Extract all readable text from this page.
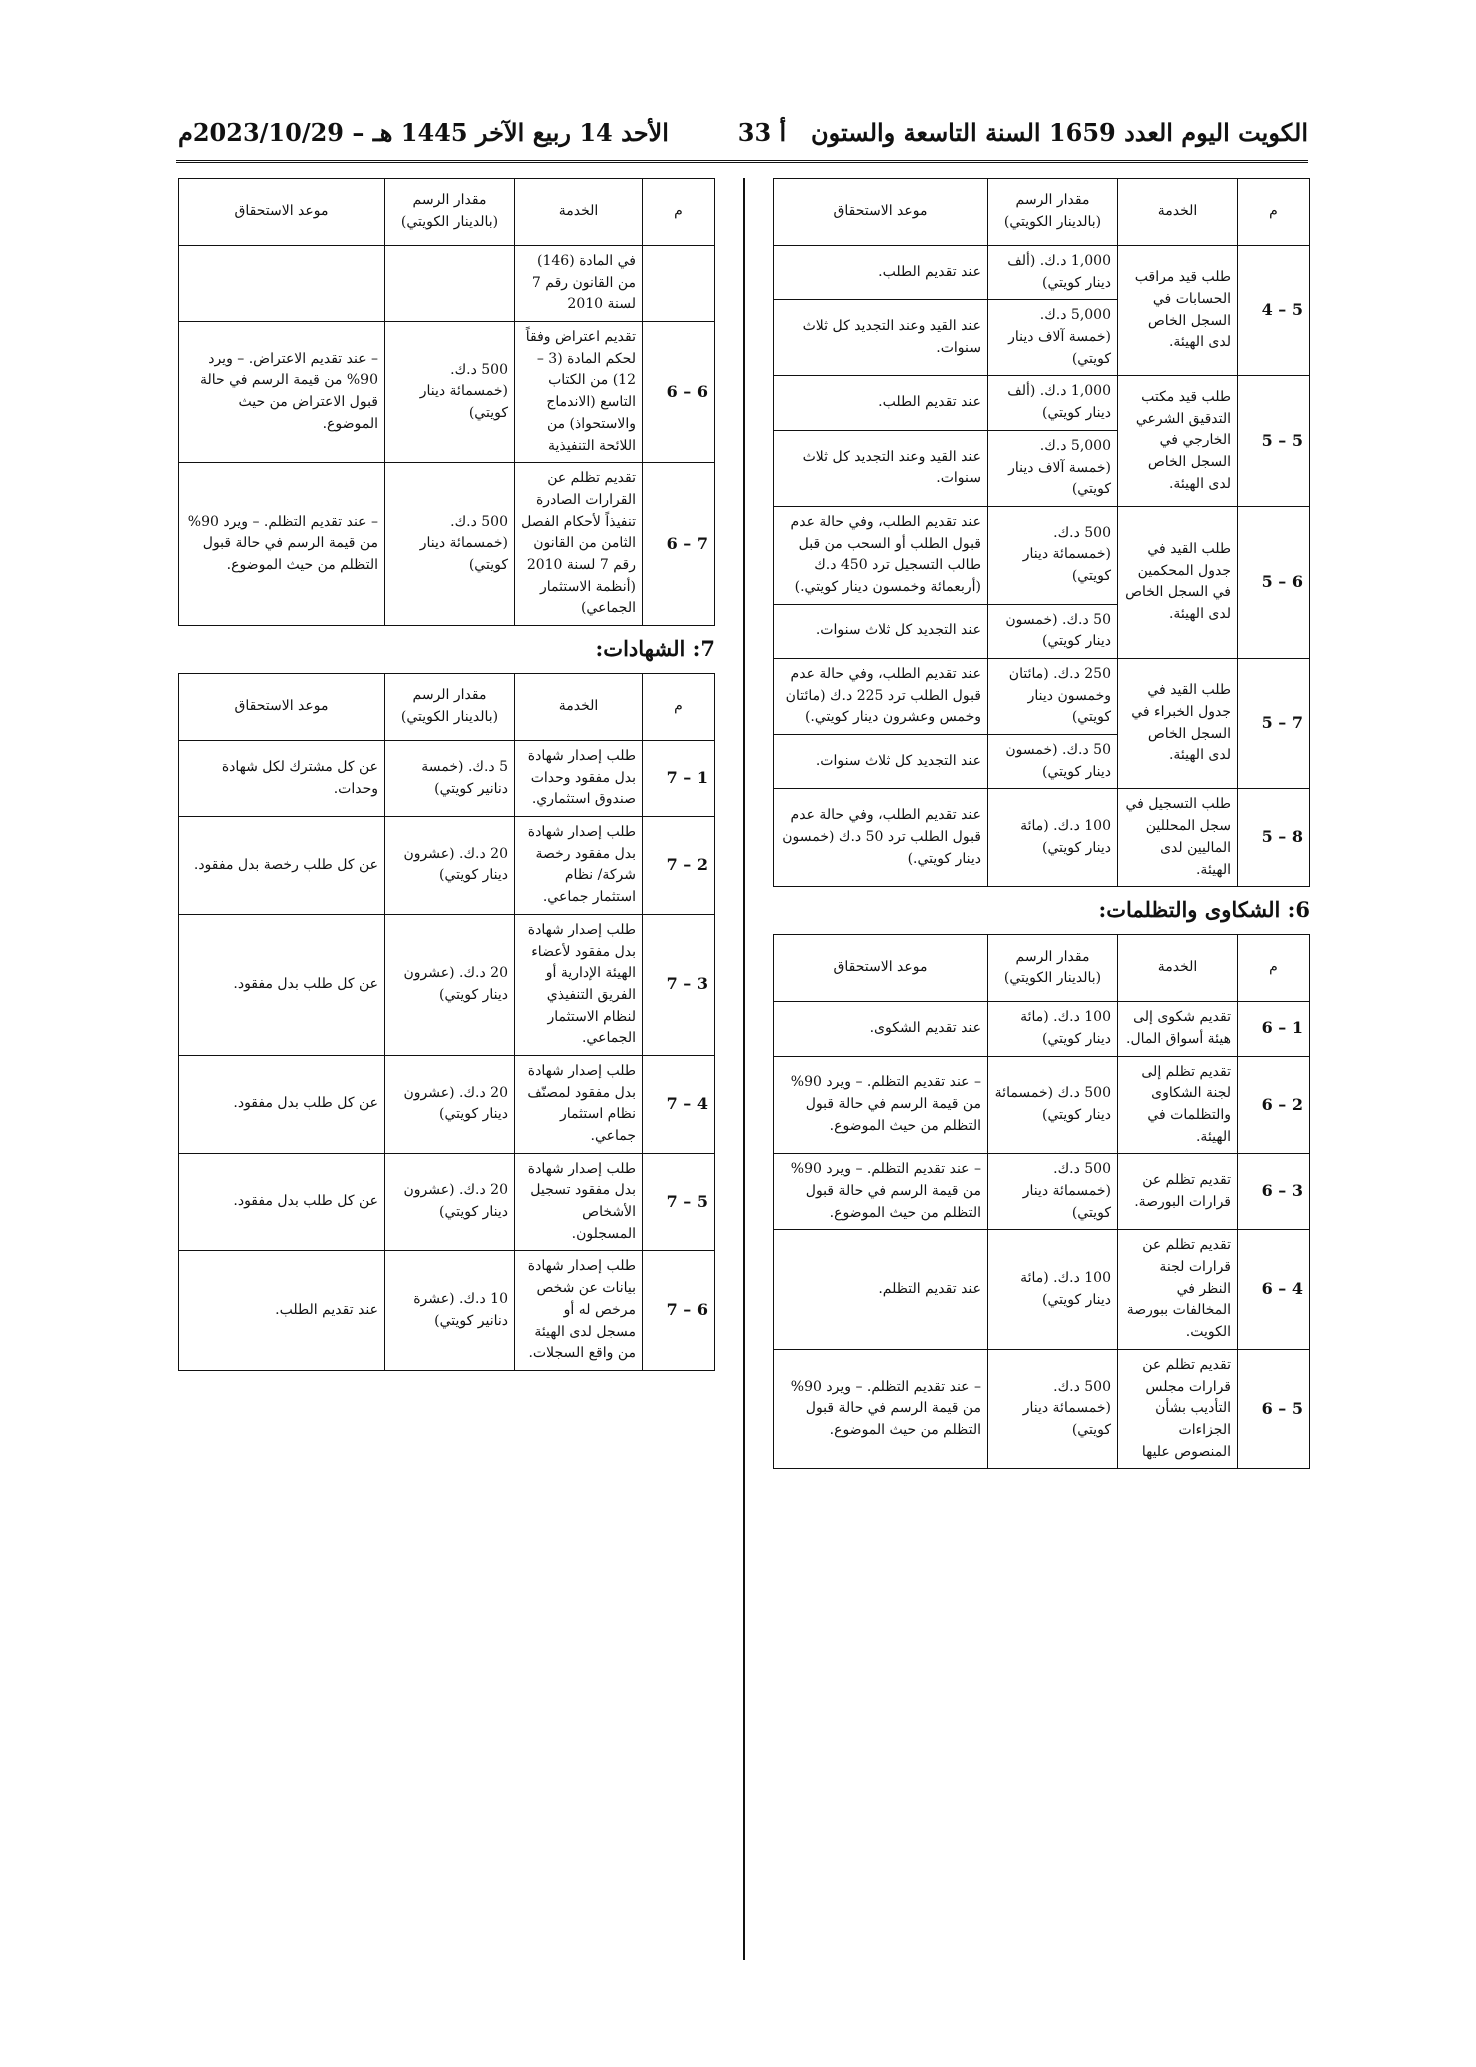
الكويت اليوم العدد 1659 السنة التاسعة والستون
أ 33
الأحد 14 ربيع الآخر 1445 هـ – 2023/10/29م
م	الخدمة	مقدار الرسم (بالدينار الكويتي)	موعد الاستحقاق
5 – 4	طلب قيد مراقب الحسابات في السجل الخاص لدى الهيئة.	1,000 د.ك. (ألف دينار كويتي)	عند تقديم الطلب.
		5,000 د.ك. (خمسة آلاف دينار كويتي)	عند القيد وعند التجديد كل ثلاث سنوات.
5 – 5	طلب قيد مكتب التدقيق الشرعي الخارجي في السجل الخاص لدى الهيئة.	1,000 د.ك. (ألف دينار كويتي)	عند تقديم الطلب.
		5,000 د.ك. (خمسة آلاف دينار كويتي)	عند القيد وعند التجديد كل ثلاث سنوات.
6 – 5	طلب القيد في جدول المحكمين في السجل الخاص لدى الهيئة.	500 د.ك. (خمسمائة دينار كويتي)	عند تقديم الطلب، وفي حالة عدم قبول الطلب أو السحب من قبل طالب التسجيل ترد 450 د.ك (أربعمائة وخمسون دينار كويتي.)
		50 د.ك. (خمسون دينار كويتي)	عند التجديد كل ثلاث سنوات.
7 – 5	طلب القيد في جدول الخبراء في السجل الخاص لدى الهيئة.	250 د.ك. (مائتان وخمسون دينار كويتي)	عند تقديم الطلب، وفي حالة عدم قبول الطلب ترد 225 د.ك (مائتان وخمس وعشرون دينار كويتي.)
		50 د.ك. (خمسون دينار كويتي)	عند التجديد كل ثلاث سنوات.
8 – 5	طلب التسجيل في سجل المحللين الماليين لدى الهيئة.	100 د.ك. (مائة دينار كويتي)	عند تقديم الطلب، وفي حالة عدم قبول الطلب ترد 50 د.ك (خمسون دينار كويتي.)
6: الشكاوى والتظلمات:
م	الخدمة	مقدار الرسم (بالدينار الكويتي)	موعد الاستحقاق
1 – 6	تقديم شكوى إلى هيئة أسواق المال.	100 د.ك. (مائة دينار كويتي)	عند تقديم الشكوى.
2 – 6	تقديم تظلم إلى لجنة الشكاوى والتظلمات في الهيئة.	500 د.ك (خمسمائة دينار كويتي)	– عند تقديم التظلم. – ويرد 90% من قيمة الرسم في حالة قبول التظلم من حيث الموضوع.
3 – 6	تقديم تظلم عن قرارات البورصة.	500 د.ك. (خمسمائة دينار كويتي)	– عند تقديم التظلم. – ويرد 90% من قيمة الرسم في حالة قبول التظلم من حيث الموضوع.
4 – 6	تقديم تظلم عن قرارات لجنة النظر في المخالفات ببورصة الكويت.	100 د.ك. (مائة دينار كويتي)	عند تقديم التظلم.
5 – 6	تقديم تظلم عن قرارات مجلس التأديب بشأن الجزاءات المنصوص عليها	500 د.ك. (خمسمائة دينار كويتي)	– عند تقديم التظلم. – ويرد 90% من قيمة الرسم في حالة قبول التظلم من حيث الموضوع.
م	الخدمة	مقدار الرسم (بالدينار الكويتي)	موعد الاستحقاق
	في المادة (146) من القانون رقم 7 لسنة 2010		
6 – 6	تقديم اعتراض وفقاً لحكم المادة (3 – 12) من الكتاب التاسع (الاندماج والاستحواذ) من اللائحة التنفيذية	500 د.ك. (خمسمائة دينار كويتي)	– عند تقديم الاعتراض. – ويرد 90% من قيمة الرسم في حالة قبول الاعتراض من حيث الموضوع.
7 – 6	تقديم تظلم عن القرارات الصادرة تنفيذاً لأحكام الفصل الثامن من القانون رقم 7 لسنة 2010 (أنظمة الاستثمار الجماعي)	500 د.ك. (خمسمائة دينار كويتي)	– عند تقديم التظلم. – ويرد 90% من قيمة الرسم في حالة قبول التظلم من حيث الموضوع.
7: الشهادات:
م	الخدمة	مقدار الرسم (بالدينار الكويتي)	موعد الاستحقاق
1 – 7	طلب إصدار شهادة بدل مفقود وحدات صندوق استثماري.	5 د.ك. (خمسة دنانير كويتي)	عن كل مشترك لكل شهادة وحدات.
2 – 7	طلب إصدار شهادة بدل مفقود رخصة شركة/ نظام استثمار جماعي.	20 د.ك. (عشرون دينار كويتي)	عن كل طلب رخصة بدل مفقود.
3 – 7	طلب إصدار شهادة بدل مفقود لأعضاء الهيئة الإدارية أو الفريق التنفيذي لنظام الاستثمار الجماعي.	20 د.ك. (عشرون دينار كويتي)	عن كل طلب بدل مفقود.
4 – 7	طلب إصدار شهادة بدل مفقود لمصنّف نظام استثمار جماعي.	20 د.ك. (عشرون دينار كويتي)	عن كل طلب بدل مفقود.
5 – 7	طلب إصدار شهادة بدل مفقود تسجيل الأشخاص المسجلون.	20 د.ك. (عشرون دينار كويتي)	عن كل طلب بدل مفقود.
6 – 7	طلب إصدار شهادة بيانات عن شخص مرخص له أو مسجل لدى الهيئة من واقع السجلات.	10 د.ك. (عشرة دنانير كويتي)	عند تقديم الطلب.
